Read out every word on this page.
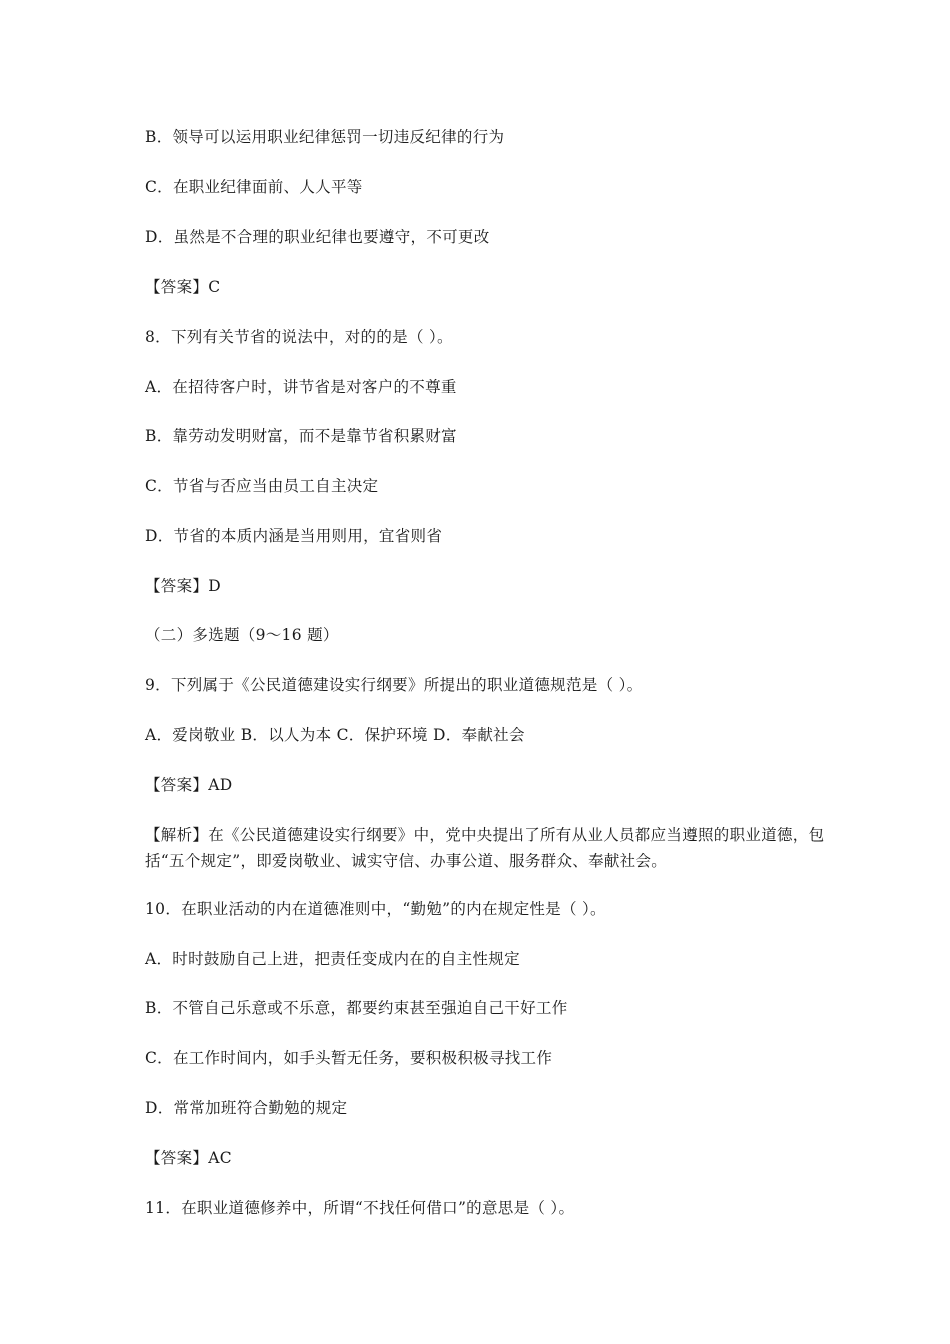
B．领导可以运用职业纪律惩罚一切违反纪律的行为
C．在职业纪律面前、人人平等
D．虽然是不合理的职业纪律也要遵守，不可更改
【答案】C
8．下列有关节省的说法中，对的的是（ ）。
A．在招待客户时，讲节省是对客户的不尊重
B．靠劳动发明财富，而不是靠节省积累财富
C．节省与否应当由员工自主决定
D．节省的本质内涵是当用则用，宜省则省
【答案】D
（二）多选题（9～16 题）
9．下列属于《公民道德建设实行纲要》所提出的职业道德规范是（ ）。
A．爱岗敬业 B．以人为本 C．保护环境 D．奉献社会
【答案】AD
【解析】在《公民道德建设实行纲要》中，党中央提出了所有从业人员都应当遵照的职业道德，包括“五个规定”，即爱岗敬业、诚实守信、办事公道、服务群众、奉献社会。
10．在职业活动的内在道德准则中，“勤勉”的内在规定性是（ ）。
A．时时鼓励自己上进，把责任变成内在的自主性规定
B．不管自己乐意或不乐意，都要约束甚至强迫自己干好工作
C．在工作时间内，如手头暂无任务，要积极积极寻找工作
D．常常加班符合勤勉的规定
【答案】AC
11．在职业道德修养中，所谓“不找任何借口”的意思是（ ）。
